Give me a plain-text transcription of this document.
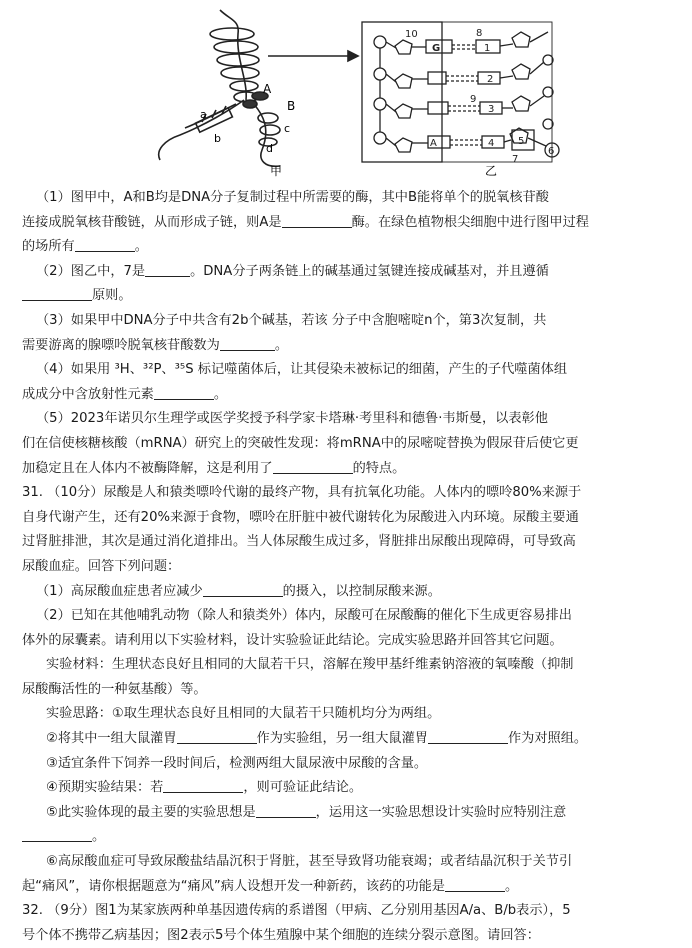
A
B
a
b
c
d
10	8
G	1
2
3
A	4 5
6
7
9
甲	乙
（1）图甲中，A和B均是DNA分子复制过程中所需要的酶，其中B能将单个的脱氧核苷酸
连接成脱氧核苷酸链，从而形成子链，则A是	酶。在绿色植物根尖细胞中进行图甲过程
的场所有	。
（2）图乙中，7是	。DNA分子两条链上的碱基通过氢键连接成碱基对，并且遵循
原则。
（3）如果甲中DNA分子中共含有2b个碱基，若该 分子中含胞嘧啶n个，第3次复制，共
需要游离的腺嘌呤脱氧核苷酸数为	。
（4）如果用 ³H、³²P、³⁵S 标记噬菌体后，让其侵染未被标记的细菌，产生的子代噬菌体组
成成分中含放射性元素	。
（5）2023年诺贝尔生理学或医学奖授予科学家卡塔琳·考里科和德鲁·韦斯曼，以表彰他
们在信使核糖核酸（mRNA）研究上的突破性发现：将mRNA中的尿嘧啶替换为假尿苷后使它更
加稳定且在人体内不被酶降解，这是利用了	的特点。
31. （10分）尿酸是人和猿类嘌呤代谢的最终产物，具有抗氧化功能。人体内的嘌呤80%来源于
自身代谢产生，还有20%来源于食物，嘌呤在肝脏中被代谢转化为尿酸进入内环境。尿酸主要通
过肾脏排泄，其次是通过消化道排出。当人体尿酸生成过多，肾脏排出尿酸出现障碍，可导致高
尿酸血症。回答下列问题：
（1）高尿酸血症患者应减少	的摄入，以控制尿酸来源。
（2）已知在其他哺乳动物（除人和猿类外）体内，尿酸可在尿酸酶的催化下生成更容易排出
体外的尿囊素。请利用以下实验材料，设计实验验证此结论。完成实验思路并回答其它问题。
实验材料：生理状态良好且相同的大鼠若干只，溶解在羧甲基纤维素钠溶液的氧嗪酸（抑制
尿酸酶活性的一种氨基酸）等。
实验思路：①取生理状态良好且相同的大鼠若干只随机均分为两组。
②将其中一组大鼠灌胃	作为实验组，另一组大鼠灌胃	作为对照组。
③适宜条件下饲养一段时间后，检测两组大鼠尿液中尿酸的含量。
④预期实验结果：若	，则可验证此结论。
⑤此实验体现的最主要的实验思想是	，运用这一实验思想设计实验时应特别注意
。
⑥高尿酸血症可导致尿酸盐结晶沉积于肾脏，甚至导致肾功能衰竭；或者结晶沉积于关节引
起“痛风”，请你根据题意为“痛风”病人设想开发一种新药，该药的功能是	。
32. （9分）图1为某家族两种单基因遗传病的系谱图（甲病、乙分别用基因A/a、B/b表示），5
号个体不携带乙病基因；图2表示5号个体生殖腺中某个细胞的连续分裂示意图。请回答：
